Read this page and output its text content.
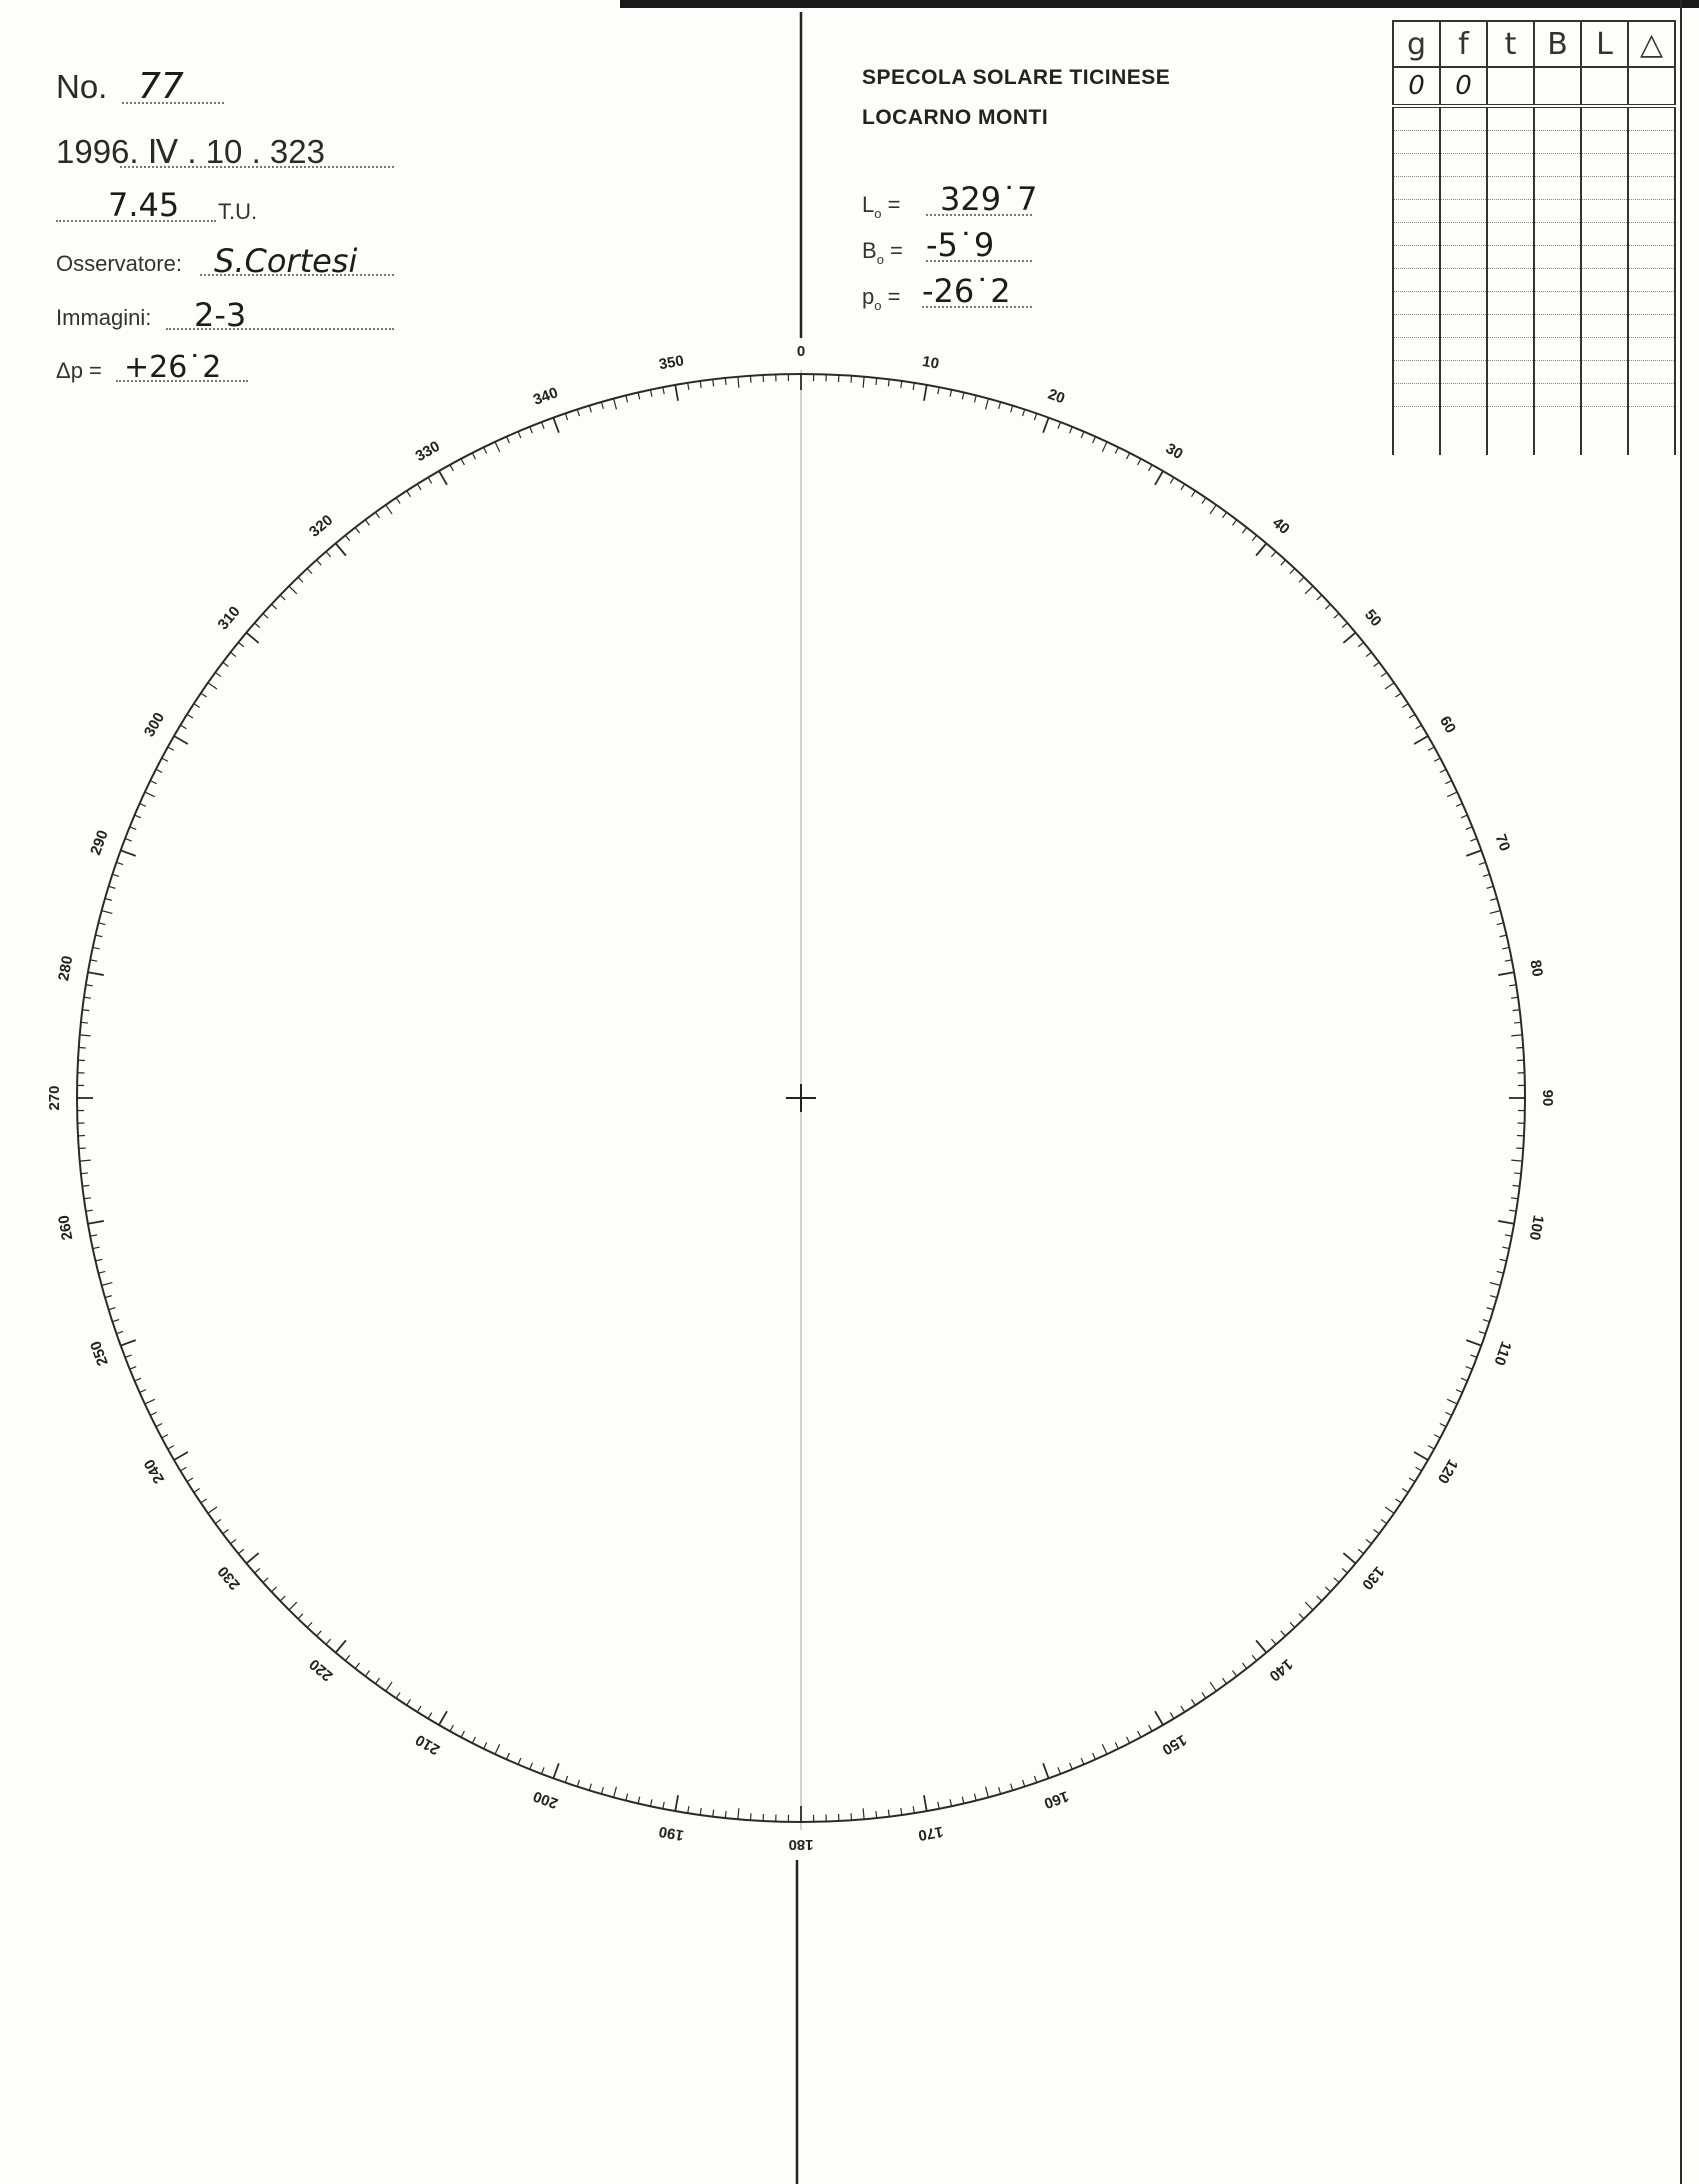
No. 77
1996. Ⅳ . 10 . 323
7.45 T.U.
Osservatore: S.Cortesi
Immagini: 2-3
Δp = +26˙2
SPECOLA SOLARE TICINESE
LOCARNO MONTI
$L_o$ = 329˙7
$B_o$ = -5˙9
$p_o$ = -26˙2
g	f	t	B	L	△
0	0				

0
10
20
30
40
50
60
70
80
90
100
110
120
130
140
150
160
170
180
190
200
210
220
230
240
250
260
270
280
290
300
310
320
330
340
350
